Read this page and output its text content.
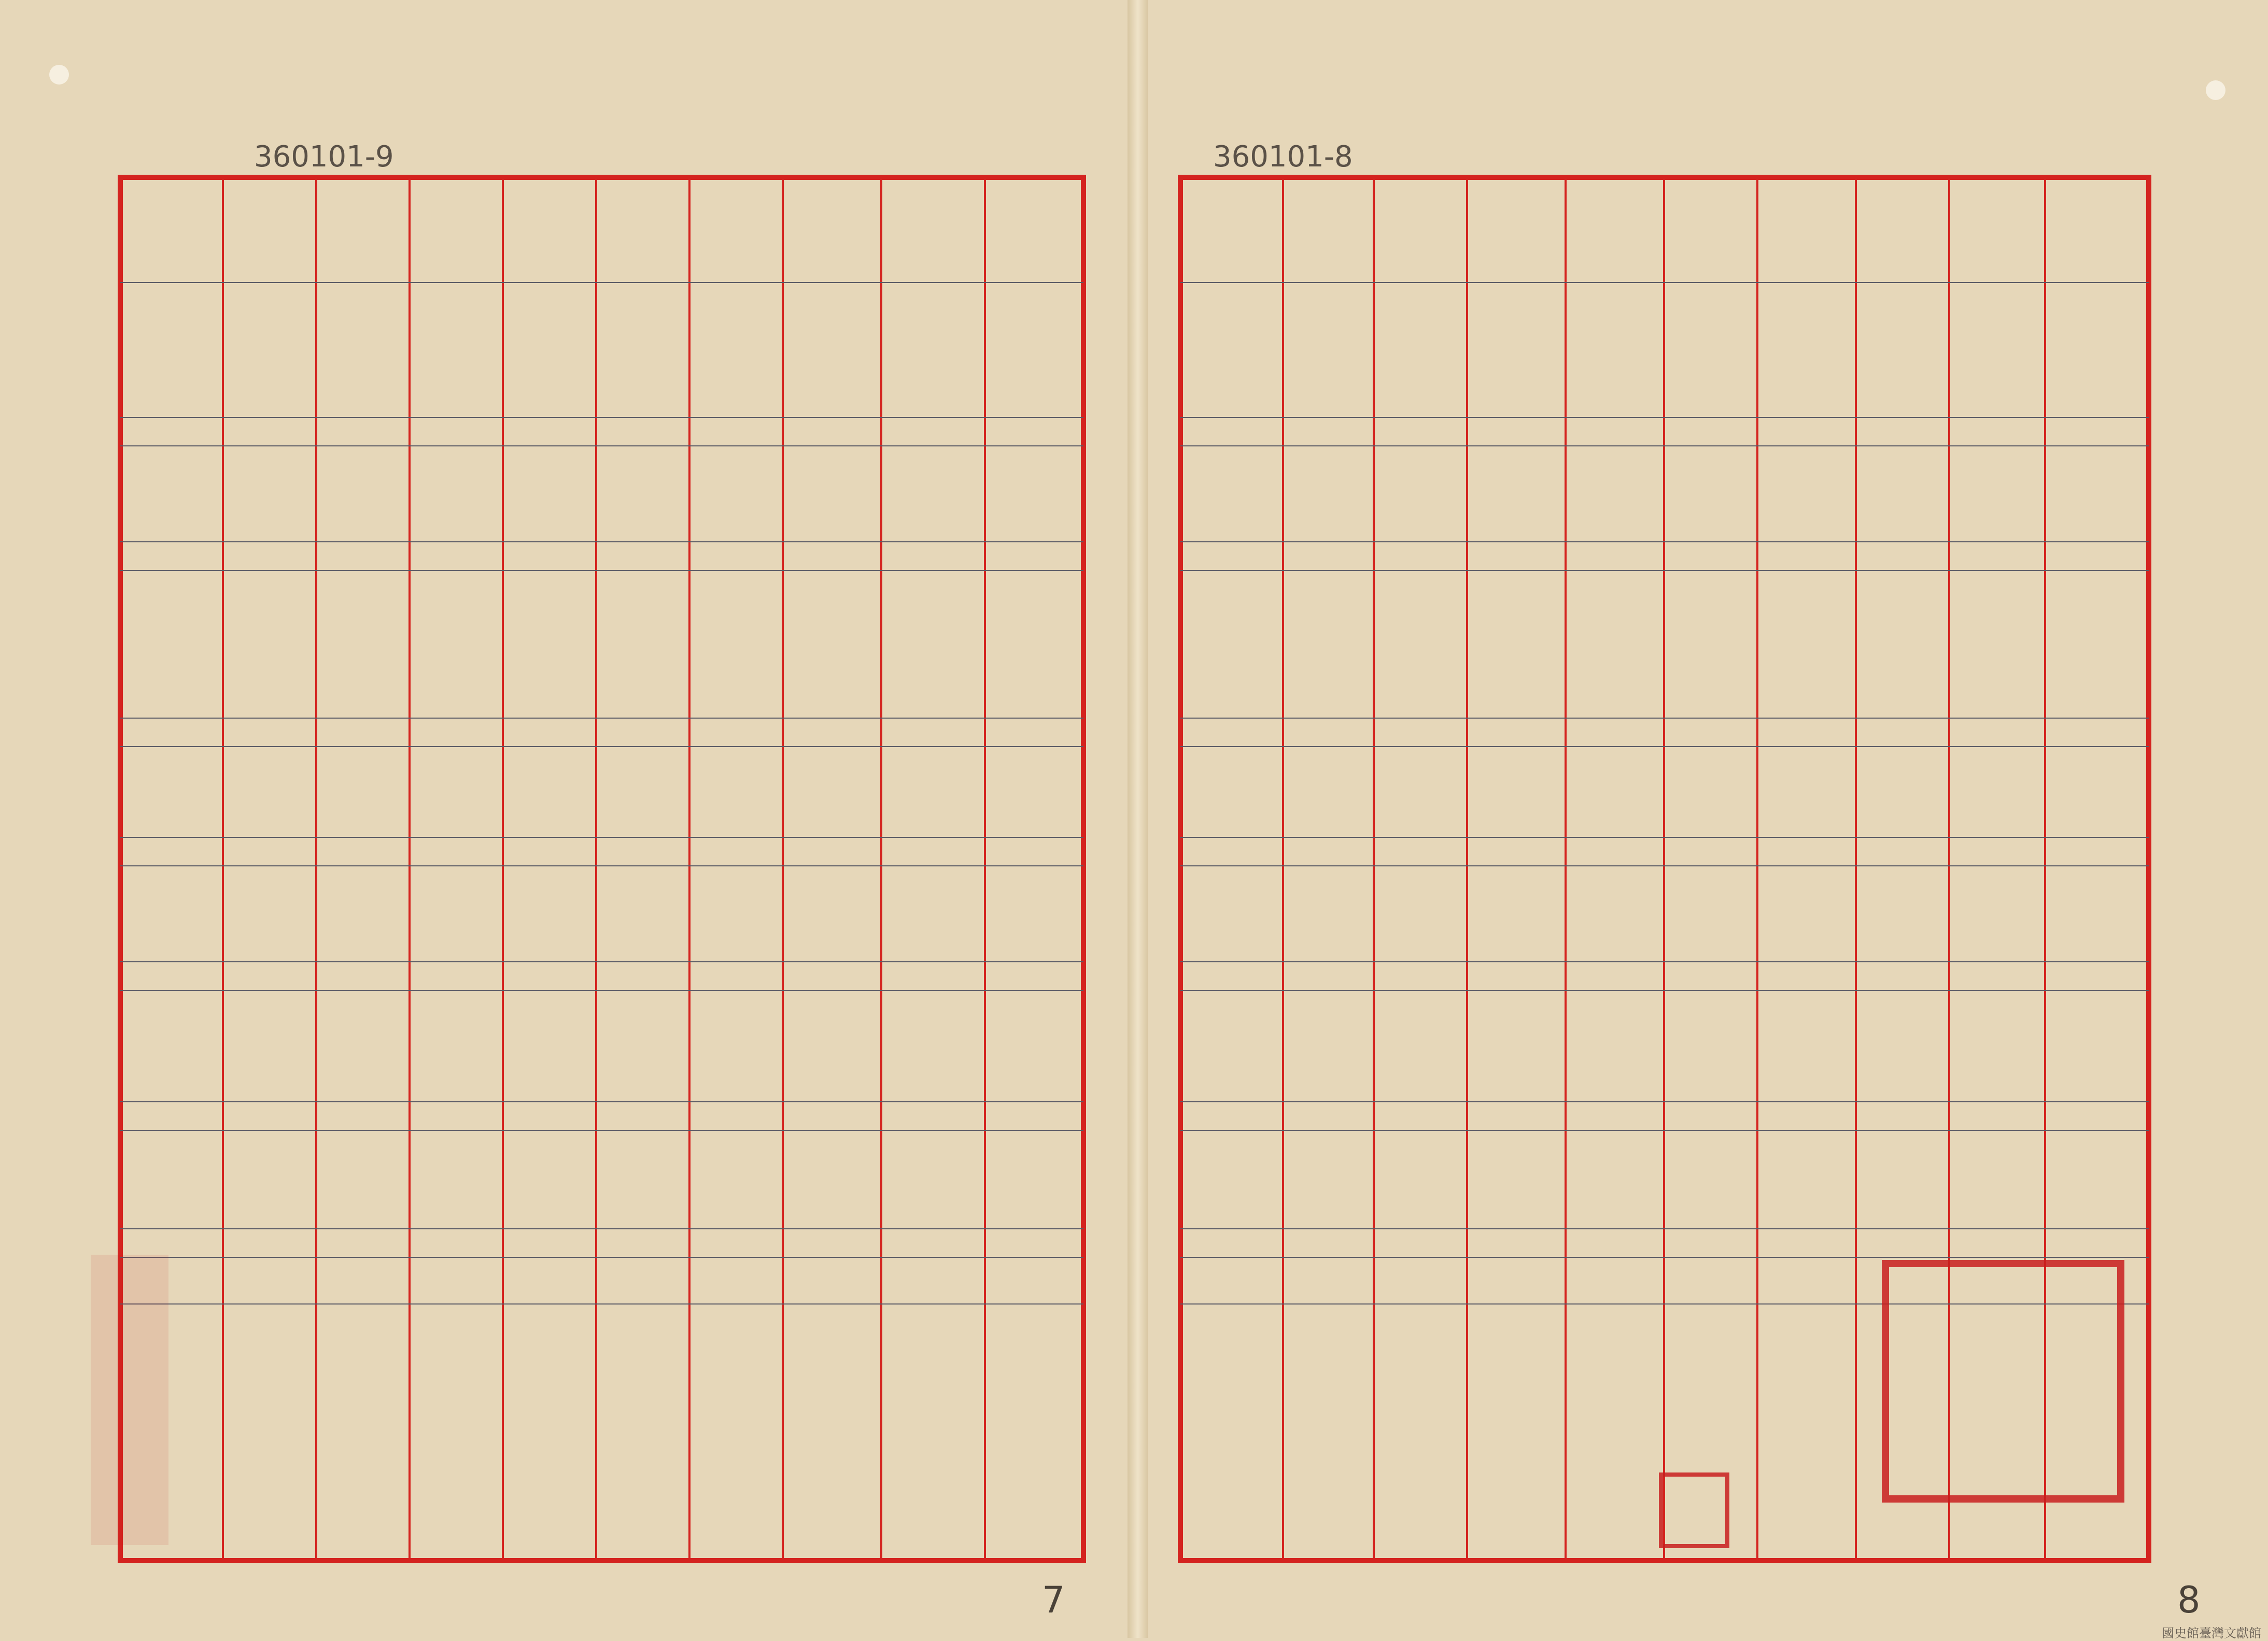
360101-9	360101-8
7	8
國史館臺灣文獻館
